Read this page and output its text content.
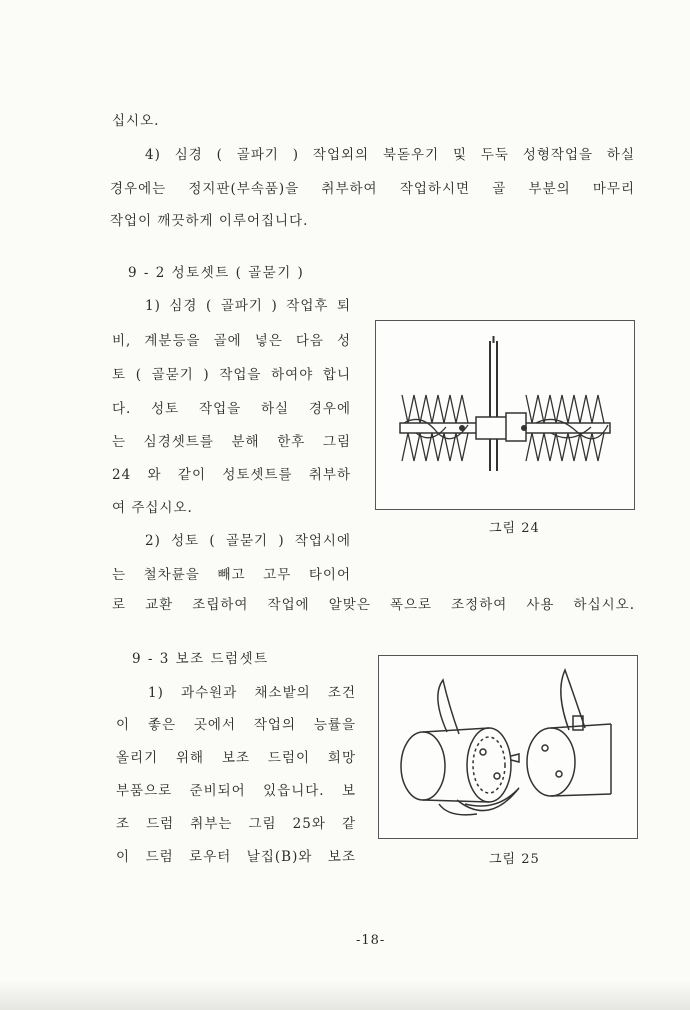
십시오.
4) 심경 ( 골파기 ) 작업외의 북돋우기 및 두둑 성형작업을 하실
경우에는 정지판(부속품)을 취부하여 작업하시면 골 부분의 마무리
작업이 깨끗하게 이루어집니다.
9 - 2 성토셋트 ( 골묻기 )
1) 심경 ( 골파기 ) 작업후 퇴
비, 계분등을 골에 넣은 다음 성
토 ( 골묻기 ) 작업을 하여야 합니
다. 성토 작업을 하실 경우에
는 심경셋트를 분해 한후 그림
24 와 같이 성토셋트를 취부하
여 주십시오.
2) 성토 ( 골묻기 ) 작업시에
는 철차륜을 빼고 고무 타이어
로 교환 조립하여 작업에 알맞은 폭으로 조정하여 사용 하십시오.
그림 24
9 - 3 보조 드럼셋트
1) 과수원과 채소밭의 조건
이 좋은 곳에서 작업의 능률을
올리기 위해 보조 드럼이 희망
부품으로 준비되어 있읍니다. 보
조 드럼 취부는 그림 25와 같
이 드럼 로우터 날집(B)와 보조	그림 25
-18-
